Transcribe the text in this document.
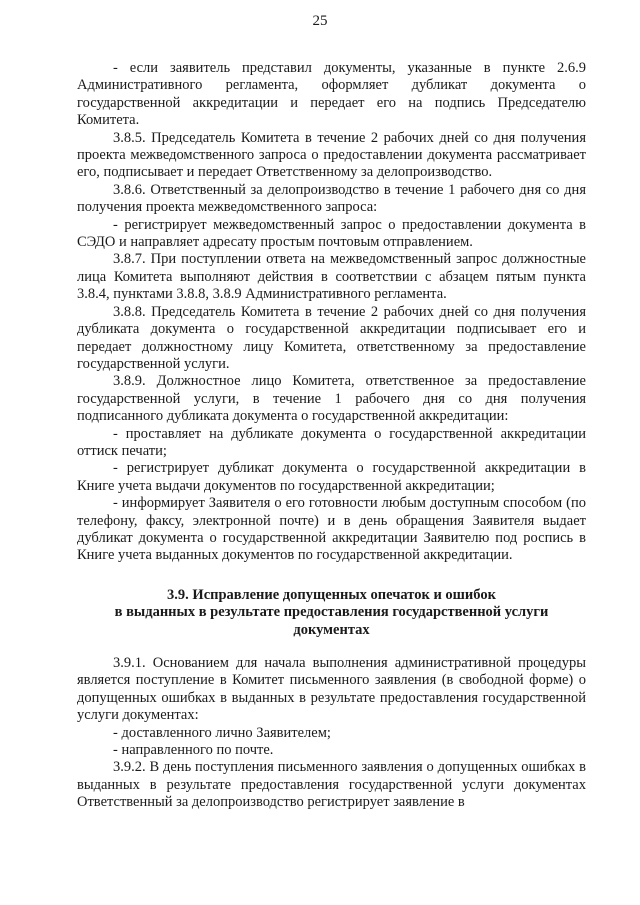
25

- если заявитель представил документы, указанные в пункте 2.6.9 Административного регламента, оформляет дубликат документа о государственной аккредитации и передает его на подпись Председателю Комитета.

3.8.5. Председатель Комитета в течение 2 рабочих дней со дня получения проекта межведомственного запроса о предоставлении документа рассматривает его, подписывает и передает Ответственному за делопроизводство.

3.8.6. Ответственный за делопроизводство в течение 1 рабочего дня со дня получения проекта межведомственного запроса:

- регистрирует межведомственный запрос о предоставлении документа в СЭДО и направляет адресату простым почтовым отправлением.

3.8.7. При поступлении ответа на межведомственный запрос должностные лица Комитета выполняют действия в соответствии с абзацем пятым пункта 3.8.4, пунктами 3.8.8, 3.8.9 Административного регламента.

3.8.8. Председатель Комитета в течение 2 рабочих дней со дня получения дубликата документа о государственной аккредитации подписывает его и передает должностному лицу Комитета, ответственному за предоставление государственной услуги.

3.8.9. Должностное лицо Комитета, ответственное за предоставление государственной услуги, в течение 1 рабочего дня со дня получения подписанного дубликата документа о государственной аккредитации:

- проставляет на дубликате документа о государственной аккредитации оттиск печати;

- регистрирует дубликат документа о государственной аккредитации в Книге учета выдачи документов по государственной аккредитации;

- информирует Заявителя о его готовности любым доступным способом (по телефону, факсу, электронной почте) и в день обращения Заявителя выдает дубликат документа о государственной аккредитации Заявителю под роспись в Книге учета выданных документов по государственной аккредитации.

3.9. Исправление допущенных опечаток и ошибок
в выданных в результате предоставления государственной услуги
документах

3.9.1. Основанием для начала выполнения административной процедуры является поступление в Комитет письменного заявления (в свободной форме) о допущенных ошибках в выданных в результате предоставления государственной услуги документах:

- доставленного лично Заявителем;

- направленного по почте.

3.9.2. В день поступления письменного заявления о допущенных ошибках в выданных в результате предоставления государственной услуги документах Ответственный за делопроизводство регистрирует заявление в
